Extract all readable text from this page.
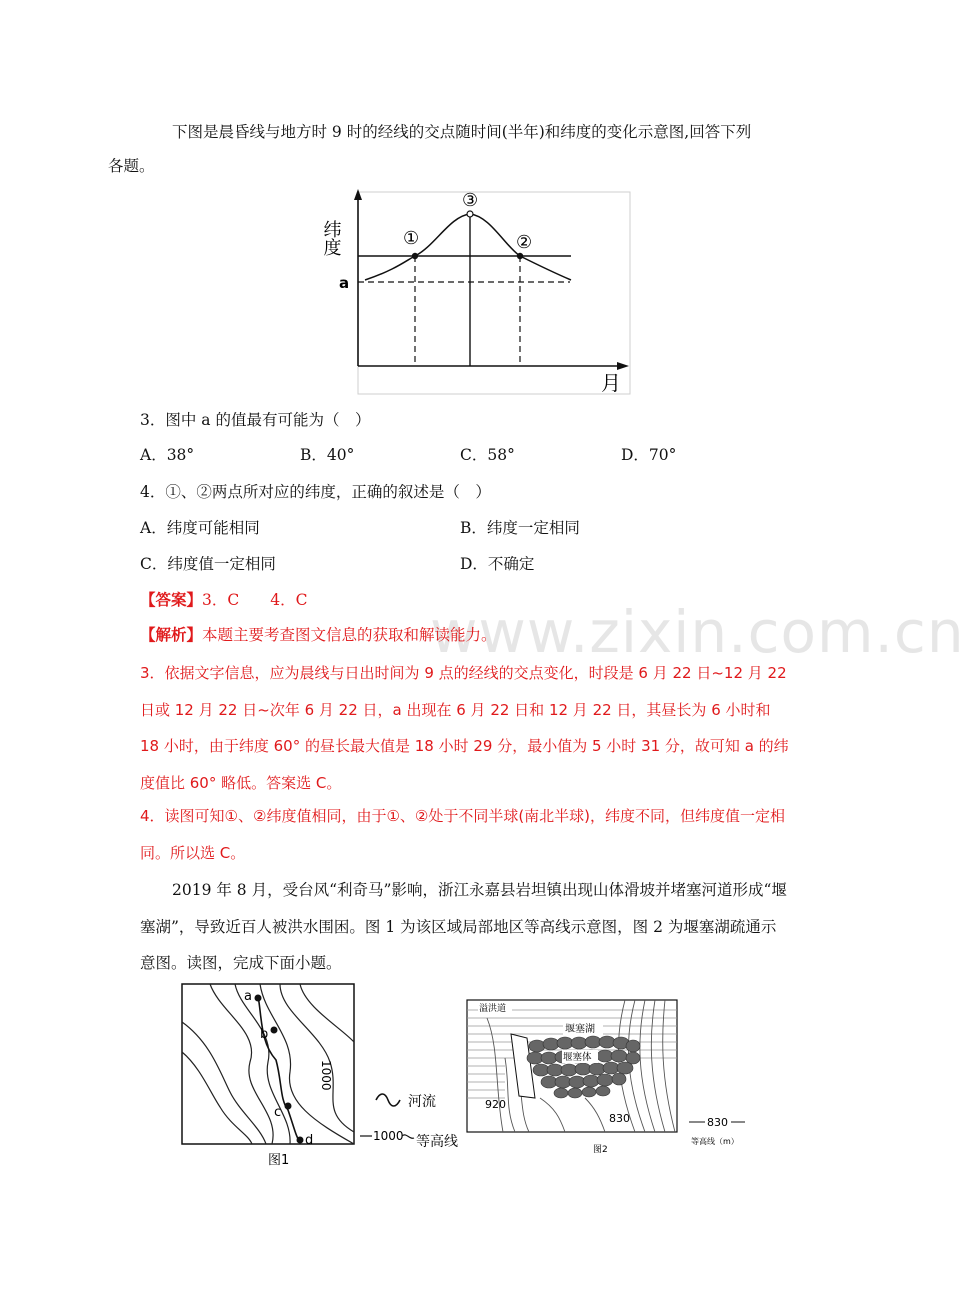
下图是晨昏线与地方时 9 时的经线的交点随时间(半年)和纬度的变化示意图,回答下列
各题。
①	②
③
a
纬度
月
3．图中 a 的值最有可能为（　）
A．38°	B．40°	C．58°	D．70°
4．①、②两点所对应的纬度，正确的叙述是（　）
A．纬度可能相同	B．纬度一定相同
C．纬度值一定相同	D．不确定
www.zixin.com.cn
【答案】3．C　　4．C
【解析】本题主要考查图文信息的获取和解读能力。
3．依据文字信息，应为晨线与日出时间为 9 点的经线的交点变化，时段是 6 月 22 日~12 月 22 日或 12 月 22 日~次年 6 月 22 日，a 出现在 6 月 22 日和 12 月 22 日，其昼长为 6 小时和 18 小时，由于纬度 60° 的昼长最大值是 18 小时 29 分，最小值为 5 小时 31 分，故可知 a 的纬度值比 60° 略低。答案选 C。
4．读图可知①、②纬度值相同，由于①、②处于不同半球(南北半球)，纬度不同，但纬度值一定相同。所以选 C。
2019 年 8 月，受台风“利奇马”影响，浙江永嘉县岩坦镇出现山体滑坡并堵塞河道形成“堰塞湖”，导致近百人被洪水围困。图 1 为该区域局部地区等高线示意图，图 2 为堰塞湖疏通示意图。读图，完成下面小题。
a
b
c
d
1000
河流
1000 等高线
图1
堰塞湖
溢洪道
堰塞体
920
830	830
等高线（m）
图2
